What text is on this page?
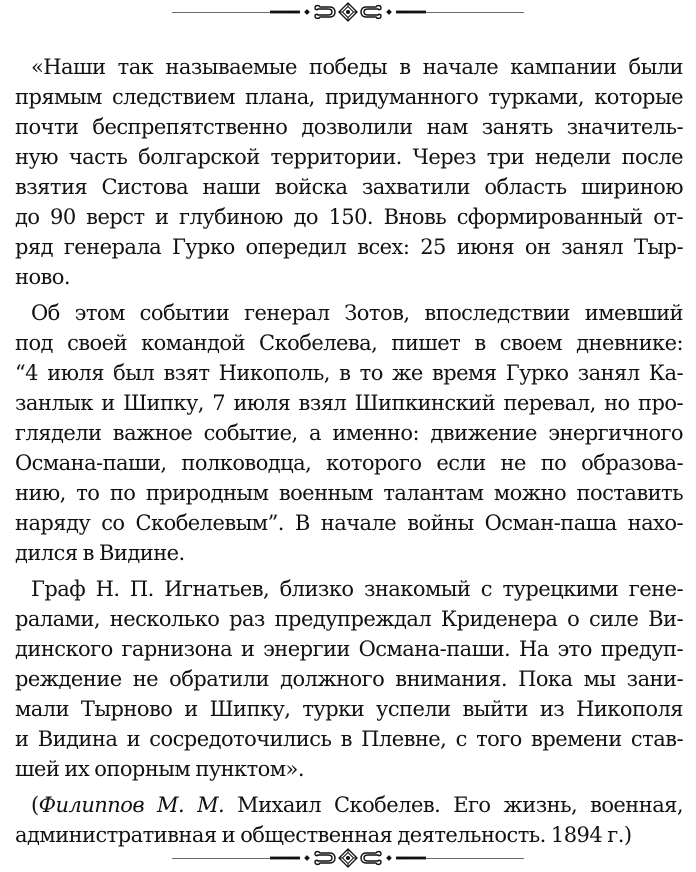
«Наши так называемые победы в начале кампании были
прямым следствием плана, придуманного турками, которые
почти беспрепятственно дозволили нам занять значитель-
ную часть болгарской территории. Через три недели после
взятия Систова наши войска захватили область шириною
до 90 верст и глубиною до 150. Вновь сформированный от-
ряд генерала Гурко опередил всех: 25 июня он занял Тыр-
ново.
Об этом событии генерал Зотов, впоследствии имевший
под своей командой Скобелева, пишет в своем дневнике:
“4 июля был взят Никополь, в то же время Гурко занял Ка-
занлык и Шипку, 7 июля взял Шипкинский перевал, но про-
глядели важное событие, а именно: движение энергичного
Османа-паши, полководца, которого если не по образова-
нию, то по природным военным талантам можно поставить
наряду со Скобелевым”. В начале войны Осман-паша нахо-
дился в Видине.
Граф Н. П. Игнатьев, близко знакомый с турецкими гене-
ралами, несколько раз предупреждал Криденера о силе Ви-
динского гарнизона и энергии Османа-паши. На это предуп-
реждение не обратили должного внимания. Пока мы зани-
мали Тырново и Шипку, турки успели выйти из Никополя
и Видина и сосредоточились в Плевне, с того времени став-
шей их опорным пунктом».
(Филиппов М. М. Михаил Скобелев. Его жизнь, военная,
административная и общественная деятельность. 1894 г.)
